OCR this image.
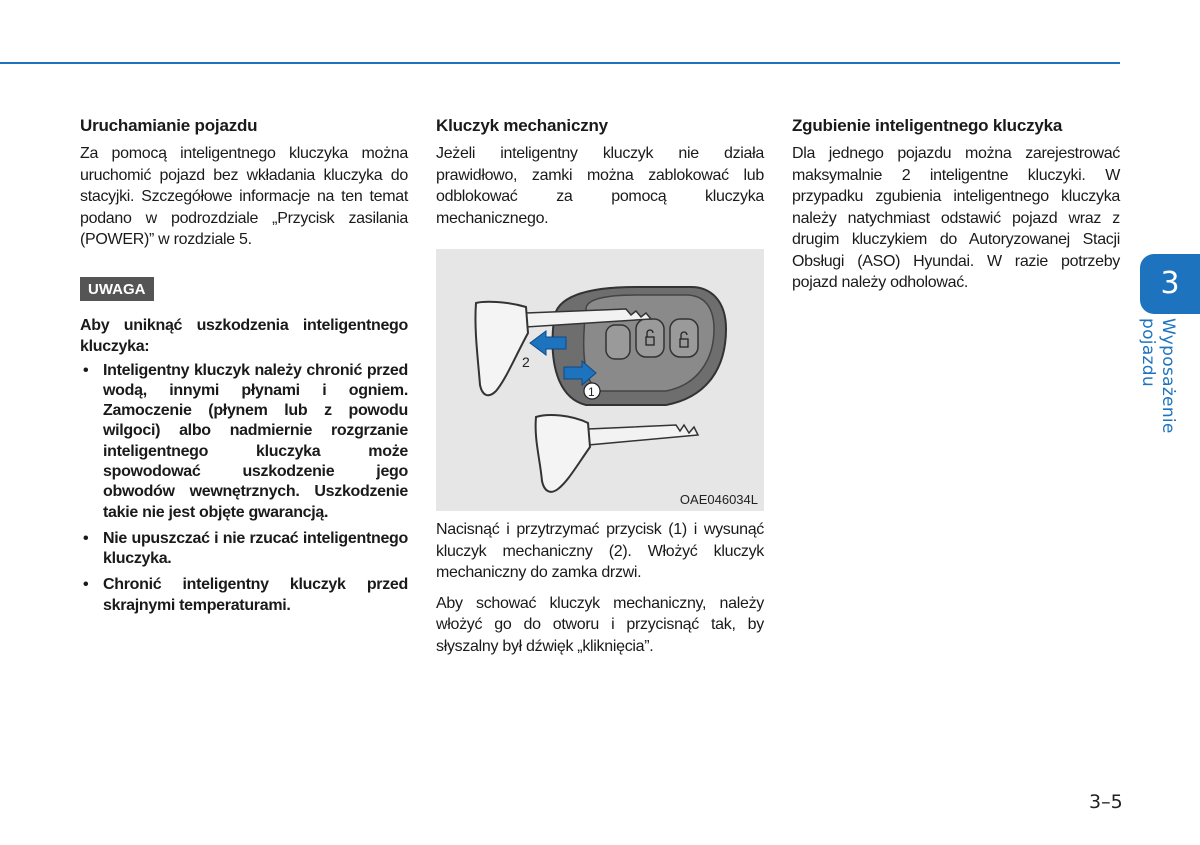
Uruchamianie pojazdu

Za pomocą inteligentnego kluczyka można uruchomić pojazd bez wkładania kluczyka do stacyjki. Szczegółowe informacje na ten temat podano w podrozdziale „Przycisk zasilania (POWER)” w rozdziale 5.

UWAGA

Aby uniknąć uszkodzenia inteligentnego kluczyka:

• Inteligentny kluczyk należy chronić przed wodą, innymi płynami i ogniem. Zamoczenie (płynem lub z powodu wilgoci) albo nadmiernie rozgrzanie inteligentnego kluczyka może spowodować uszkodzenie jego obwodów wewnętrznych. Uszkodzenie takie nie jest objęte gwarancją.
• Nie upuszczać i nie rzucać inteligentnego kluczyka.
• Chronić inteligentny kluczyk przed skrajnymi temperaturami.
Kluczyk mechaniczny

Jeżeli inteligentny kluczyk nie działa prawidłowo, zamki można zablokować lub odblokować za pomocą kluczyka mechanicznego.

2
1
OAE046034L

Nacisnąć i przytrzymać przycisk (1) i wysunąć kluczyk mechaniczny (2). Włożyć kluczyk mechaniczny do zamka drzwi.

Aby schować kluczyk mechaniczny, należy włożyć go do otworu i przycisnąć tak, by słyszalny był dźwięk „kliknięcia”.

Zgubienie inteligentnego kluczyka

Dla jednego pojazdu można zarejestrować maksymalnie 2 inteligentne kluczyki. W przypadku zgubienia inteligentnego kluczyka należy natychmiast odstawić pojazd wraz z drugim kluczykiem do Autoryzowanej Stacji Obsługi (ASO) Hyundai. W razie potrzeby pojazd należy odholować.	3
Wyposażenie pojazdu
3–5
